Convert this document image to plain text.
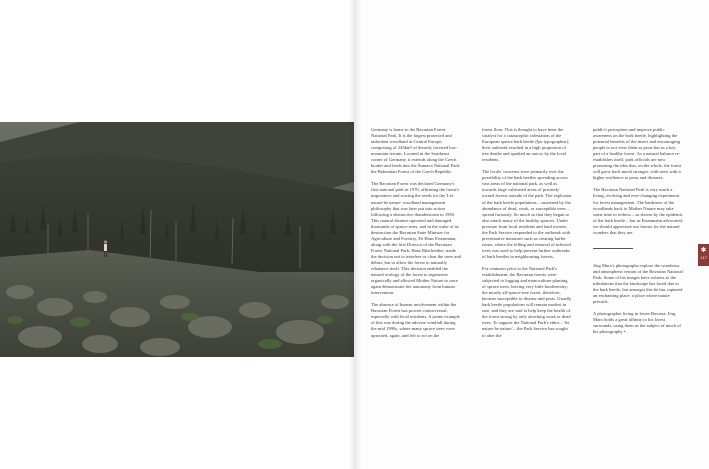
Germany is home to the Bavarian Forest National Park. It is the largest protected and unbroken woodland in Central Europe, comprising of 243km² of densely forested low-mountain terrain. Located in the Southeast corner of Germany, it extends along the Czech border and feeds into the Šumava National Park: the Bohemian Forest of the Czech Republic.

The Bavarian Forest was declared Germany's first national park in 1970, affirming the forest's importance and sowing the seeds for the 'Let nature be nature' woodland management philosophy that was later put into action following a destructive thunderstorm in 1983. This natural disaster uprooted and damaged thousands of spruce trees, and in the wake of its destruction the Bavarian State Minister for Agriculture and Forestry, Dr Hans Eisenmann, along with the first Director of the Bavarian Forest National Park, Hans Bibelriether, made the decision not to interfere or clear the trees and debris, but to allow the forest to naturally rebalance itself. This decision enabled the natural ecology of the forest to regenerate organically and allowed Mother Nature to once again demonstrate her autonomy from human intervention.

The absence of human involvement within the Bavarian Forest has proven controversial, especially with local residents. A prime example of this was during the adverse windfall during the mid 1990s, where many spruce trees were uprooted, again, and left to rot on the

forest floor. This is thought to have been the catalyst for a catastrophic infestation of the European spruce bark beetle (Ips typographus); their outbreak resulted in a high proportion of tree deaths and sparked an outcry by the local residents.

The locals' concerns were primarily over the possibility of the bark beetles spreading across vast areas of the national park, as well as towards large cultivated areas of privately owned forests outside of the park. The explosion of the bark beetle populations – sustained by the abundance of dead, weak, or susceptible trees – spread furiously. So much so that they began to also attack many of the healthy spruces. Under pressure from local residents and land owners, the Park Service responded to the outbreak with preventative measures such as creating buffer zones, where the felling and removal of infected trees was used to help prevent further outbreaks of bark beetles in neighbouring forests.

For centuries prior to the National Park's establishment, the Bavarian forests were subjected to logging and monoculture planting of spruce trees, leaving very little biodiversity; the mostly all-spruce-tree forest, therefore, became susceptible to disease and pests. Usually bark beetle populations will remain modest in size, and they are said to help keep the health of the forest strong by only attacking weak or dead trees. To support the National Park's ethos – 'let nature be nature' – the Park Service has sought to alter the

public's perception and improve public awareness on the bark beetle, highlighting the potential benefits of the insect and encouraging people to not view them as pests but as a key part of a healthy forest. As a natural balance re-establishes itself, park officials are now promoting the idea that, on the whole, the forest will grow back much stronger, with trees with a higher resilience to pests and diseases.

The Bavarian National Park is very much a living, evolving and ever-changing experiment for forest management. The hardiness of the woodlands back to Mother Nature may take some time to redress – as shown by the epidemic of the bark beetle – but as Eisenmann advocated, we should appreciate our forests for the natural wonders that they are.

Jörg Marx's photographs explore the wondrous and atmospheric terrain of the Bavarian National Park. Some of his images have witness to the tribulations that the landscape has faced due to the bark beetle, but amongst this he has captured an enchanting place; a place where nature prevails.

A photographer living in lower Bavaria, Jörg Marx holds a great affinity to his forest surrounds, using them as the subject of much of his photography •

✱
117
